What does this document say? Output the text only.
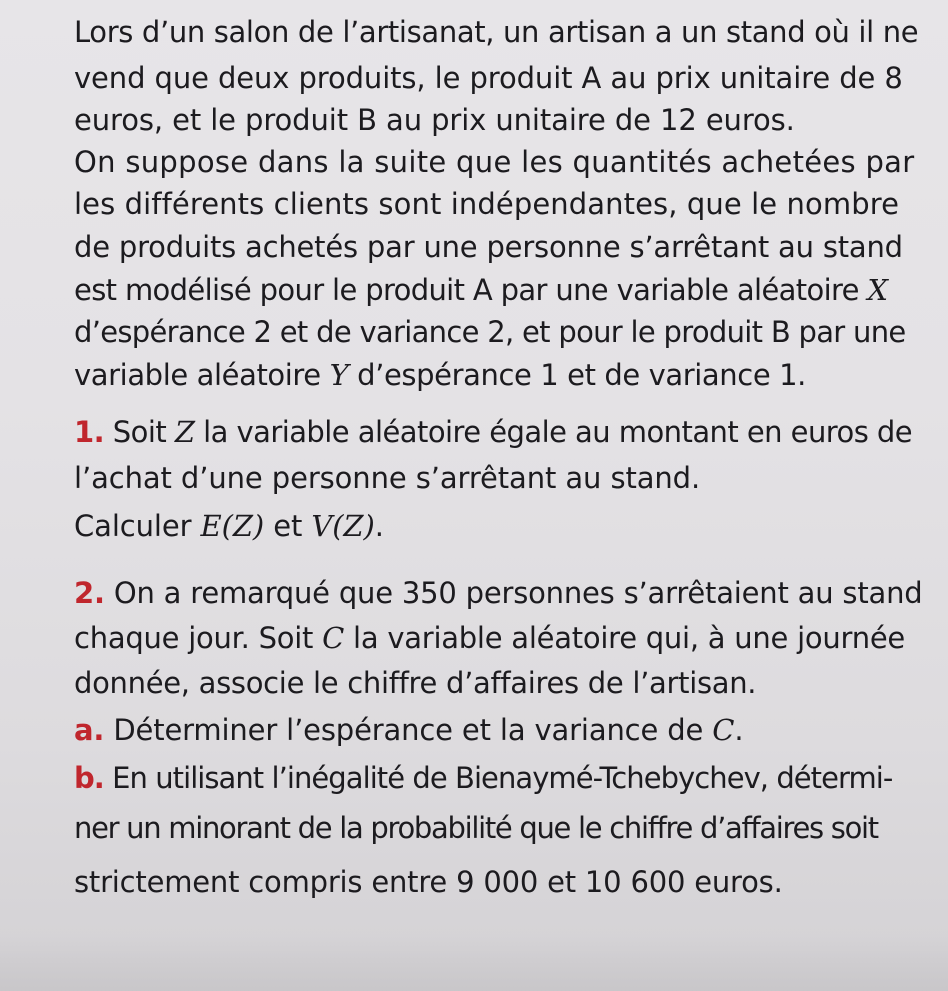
Lors d’un salon de l’artisanat, un artisan a un stand où il ne
vend que deux produits, le produit A au prix unitaire de 8
euros, et le produit B au prix unitaire de 12 euros.
On suppose dans la suite que les quantités achetées par
les différents clients sont indépendantes, que le nombre
de produits achetés par une personne s’arrêtant au stand
est modélisé pour le produit A par une variable aléatoire X
d’espérance 2 et de variance 2, et pour le produit B par une
variable aléatoire Y d’espérance 1 et de variance 1.
1. Soit Z la variable aléatoire égale au montant en euros de
l’achat d’une personne s’arrêtant au stand.
Calculer E(Z) et V(Z).
2. On a remarqué que 350 personnes s’arrêtaient au stand
chaque jour. Soit C la variable aléatoire qui, à une journée
donnée, associe le chiffre d’affaires de l’artisan.
a. Déterminer l’espérance et la variance de C.
b. En utilisant l’inégalité de Bienaymé-Tchebychev, détermi-
ner un minorant de la probabilité que le chiffre d’affaires soit
strictement compris entre 9 000 et 10 600 euros.
